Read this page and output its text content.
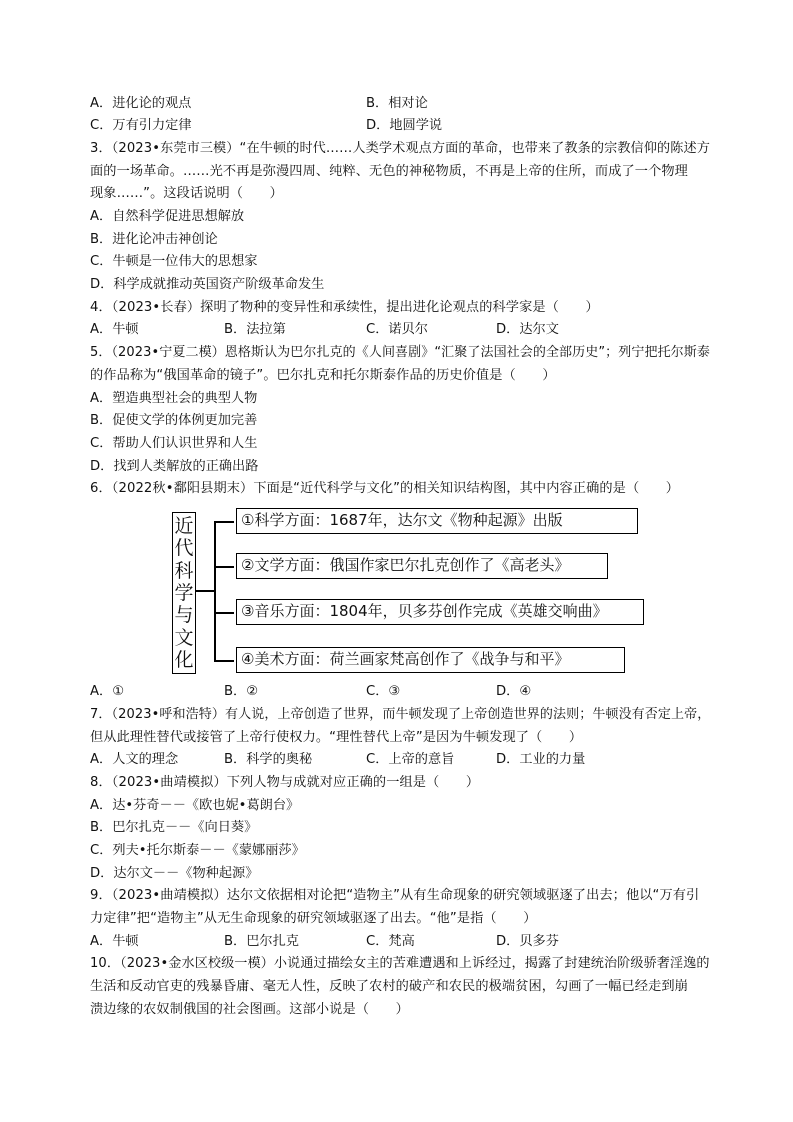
A．进化论的观点	B．相对论
C．万有引力定律	D．地圆学说
3．（2023•东莞市三模）“在牛顿的时代……人类学术观点方面的革命，也带来了教条的宗教信仰的陈述方
面的一场革命。……光不再是弥漫四周、纯粹、无色的神秘物质，不再是上帝的住所，而成了一个物理
现象……”。这段话说明（　　）
A．自然科学促进思想解放
B．进化论冲击神创论
C．牛顿是一位伟大的思想家
D．科学成就推动英国资产阶级革命发生
4．（2023•长春）探明了物种的变异性和承续性，提出进化论观点的科学家是（　　）
A．牛顿	B．法拉第	C．诺贝尔	D．达尔文
5．（2023•宁夏二模）恩格斯认为巴尔扎克的《人间喜剧》“汇聚了法国社会的全部历史”；列宁把托尔斯泰
的作品称为“俄国革命的镜子”。巴尔扎克和托尔斯泰作品的历史价值是（　　）
A．塑造典型社会的典型人物
B．促使文学的体例更加完善
C．帮助人们认识世界和人生
D．找到人类解放的正确出路
6．（2022秋•鄱阳县期末）下面是“近代科学与文化”的相关知识结构图，其中内容正确的是（　　）
近
代
科
学
与
文
化
①科学方面：1687年，达尔文《物种起源》出版
②文学方面：俄国作家巴尔扎克创作了《高老头》
③音乐方面：1804年，贝多芬创作完成《英雄交响曲》
④美术方面：荷兰画家梵高创作了《战争与和平》
A．①	B．②	C．③	D．④
7．（2023•呼和浩特）有人说，上帝创造了世界，而牛顿发现了上帝创造世界的法则；牛顿没有否定上帝，
但从此理性替代或接管了上帝行使权力。“理性替代上帝”是因为牛顿发现了（　　）
A．人文的理念	B．科学的奥秘	C．上帝的意旨	D．工业的力量
8．（2023•曲靖模拟）下列人物与成就对应正确的一组是（　　）
A．达•芬奇－－《欧也妮•葛朗台》
B．巴尔扎克－－《向日葵》
C．列夫•托尔斯泰－－《蒙娜丽莎》
D．达尔文－－《物种起源》
9．（2023•曲靖模拟）达尔文依据相对论把“造物主”从有生命现象的研究领域驱逐了出去；他以“万有引
力定律”把“造物主”从无生命现象的研究领域驱逐了出去。“他”是指（　　）
A．牛顿	B．巴尔扎克	C．梵高	D．贝多芬
10．（2023•金水区校级一模）小说通过描绘女主的苦难遭遇和上诉经过，揭露了封建统治阶级骄奢淫逸的
生活和反动官吏的残暴昏庸、毫无人性，反映了农村的破产和农民的极端贫困，勾画了一幅已经走到崩
溃边缘的农奴制俄国的社会图画。这部小说是（　　）
